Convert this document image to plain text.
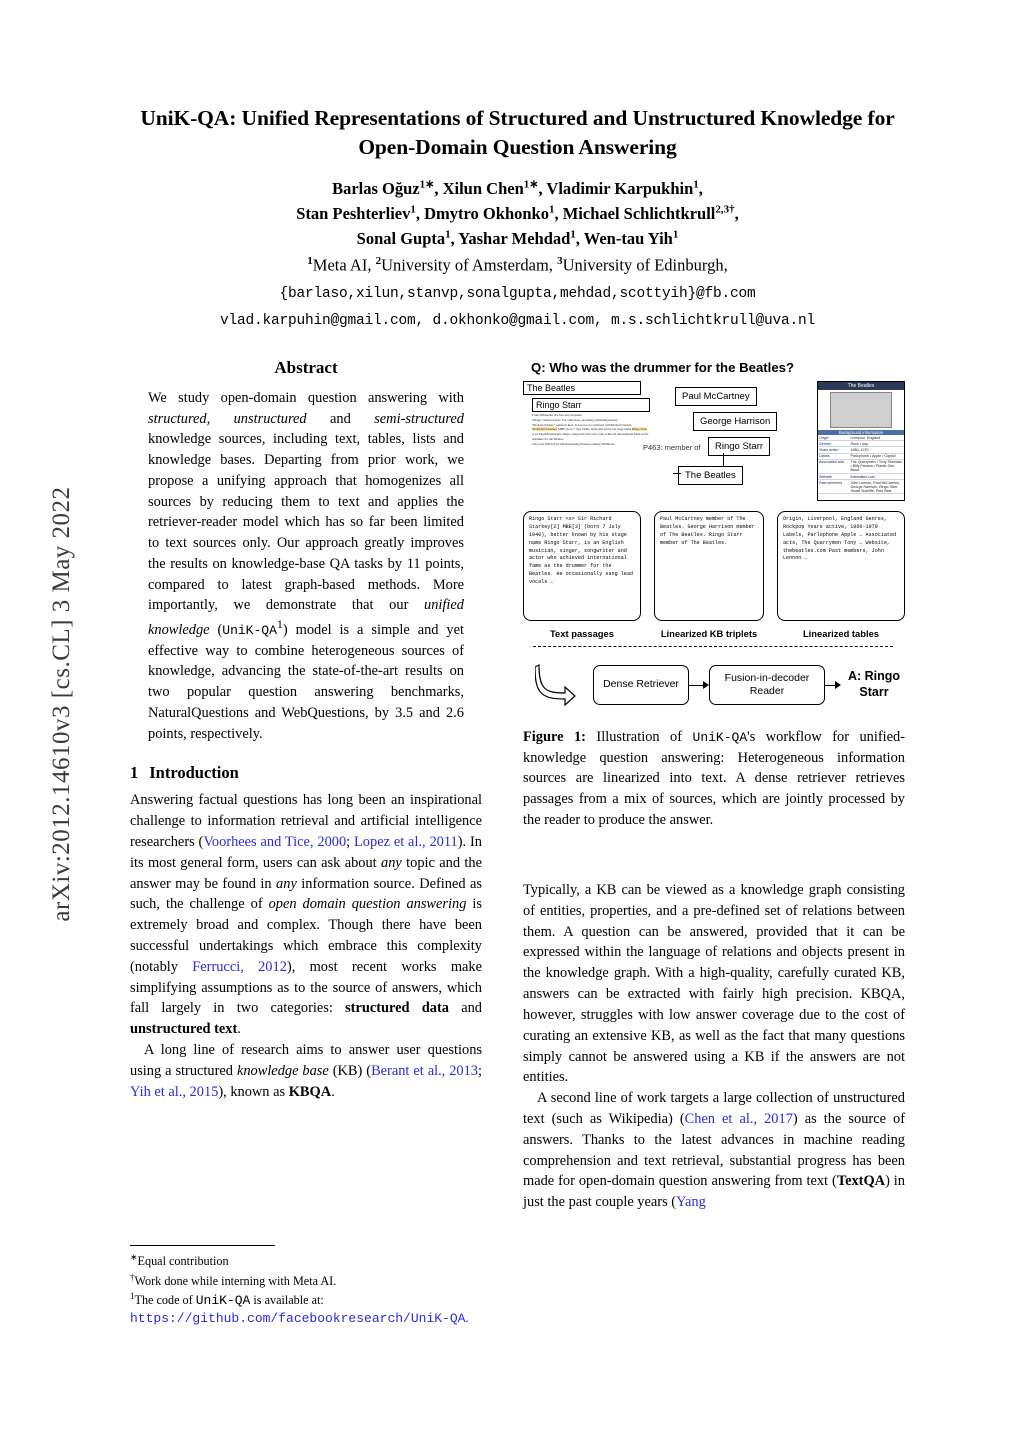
arXiv:2012.14610v3 [cs.CL] 3 May 2022
UniK-QA: Unified Representations of Structured and Unstructured Knowledge for Open-Domain Question Answering
Barlas Oğuz$^{1∗}$, Xilun Chen$^{1∗}$, Vladimir Karpukhin$^1$,
Stan Peshterliev$^1$, Dmytro Okhonko$^1$, Michael Schlichtkrull$^{2,3\dagger}$,
Sonal Gupta$^1$, Yashar Mehdad$^1$, Wen-tau Yih$^1$
$^1$Meta AI, $^2$University of Amsterdam, $^3$University of Edinburgh,
{barlaso,xilun,stanvp,sonalgupta,mehdad,scottyih}@fb.com
vlad.karpuhin@gmail.com, d.okhonko@gmail.com, m.s.schlichtkrull@uva.nl
Abstract
We study open-domain question answering with structured, unstructured and semi-structured knowledge sources, including text, tables, lists and knowledge bases. Departing from prior work, we propose a unifying approach that homogenizes all sources by reducing them to text and applies the retriever-reader model which has so far been limited to text sources only. Our approach greatly improves the results on knowledge-base QA tasks by 11 points, compared to latest graph-based methods. More importantly, we demonstrate that our unified knowledge $(UniK-QA^1)$ model is a simple and yet effective way to combine heterogeneous sources of knowledge, advancing the state-of-the-art results on two popular question answering benchmarks, NaturalQuestions and WebQuestions, by 3.5 and 2.6 points, respectively.
1 Introduction

Answering factual questions has long been an inspirational challenge to information retrieval and artificial intelligence researchers (Voorhees and Tice, 2000; Lopez et al., 2011). In its most general form, users can ask about any topic and the answer may be found in any information source. Defined as such, the challenge of open domain question answering is extremely broad and complex. Though there have been successful undertakings which embrace this complexity (notably Ferrucci, 2012), most recent works make simplifying assumptions as to the source of answers, which fall largely in two categories: structured data and unstructured text.

A long line of research aims to answer user questions using a structured knowledge base (KB) (Berant et al., 2013; Yih et al., 2015), known as KBQA.

∗Equal contribution

†Work done while interning with Meta AI.

$^1$The code of UniK-QA is available at: https://github.com/facebookresearch/UniK-QA.

Q: Who was the drummer for the Beatles?
The Beatles
Ringo Starr
From Wikipedia, the free encyclopedia
"Ringo" redirects here. For other uses, see Ringo (disambiguation).
"Richard Starkey" redirects here. It is not to be confused with Richard Starkie.
Sir Richard Starkey MBE (born 7 July 1940), better known by his stage name Ringo Starr, is an English musician, singer, songwriter and actor who achieved international fame as the drummer for the Beatles.
Starr was afflicted by life-threatening illnesses during childhood.
Paul McCartney
George Harrison
Ringo Starr
The Beatles
P463: member of
The Beatles
Background information
Origin	Liverpool, England
Genres	Rock • pop
Years active	1960–1970
Labels	Parlophone • Apple • Capitol
Associated acts	The Quarrymen • Tony Sheridan • Billy Preston • Plastic Ono Band
Website	thebeatles.com
Past members	John Lennon, Paul McCartney, George Harrison, Ringo Starr, Stuart Sutcliffe, Pete Best
Ringo Starr <s> Sir Richard Starkey[2] MBE[3] (born 7 July 1940), better known by his stage name Ringo Starr, is an English musician, singer, songwriter and actor who achieved international fame as the drummer for the Beatles. He occasionally sang lead vocals …
Paul McCartney member of The Beatles. George Harrison member of The Beatles. Ringo Starr member of The Beatles.
Origin, Liverpool, England Genres, Rockpop Years active, 1960-1970 Labels, Parlophone Apple … Associated acts, The Quarrymen Tony … Website, thebeatles.com Past members, John Lennon …
Text passages	Linearized KB triplets	Linearized tables
Dense Retriever
Fusion-in-decoder Reader
A: Ringo Starr
Figure 1: Illustration of UniK-QA's workflow for unified-knowledge question answering: Heterogeneous information sources are linearized into text. A dense retriever retrieves passages from a mix of sources, which are jointly processed by the reader to produce the answer.

Typically, a KB can be viewed as a knowledge graph consisting of entities, properties, and a pre-defined set of relations between them. A question can be answered, provided that it can be expressed within the language of relations and objects present in the knowledge graph. With a high-quality, carefully curated KB, answers can be extracted with fairly high precision. KBQA, however, struggles with low answer coverage due to the cost of curating an extensive KB, as well as the fact that many questions simply cannot be answered using a KB if the answers are not entities.

A second line of work targets a large collection of unstructured text (such as Wikipedia) (Chen et al., 2017) as the source of answers. Thanks to the latest advances in machine reading comprehension and text retrieval, substantial progress has been made for open-domain question answering from text (TextQA) in just the past couple years (Yang
